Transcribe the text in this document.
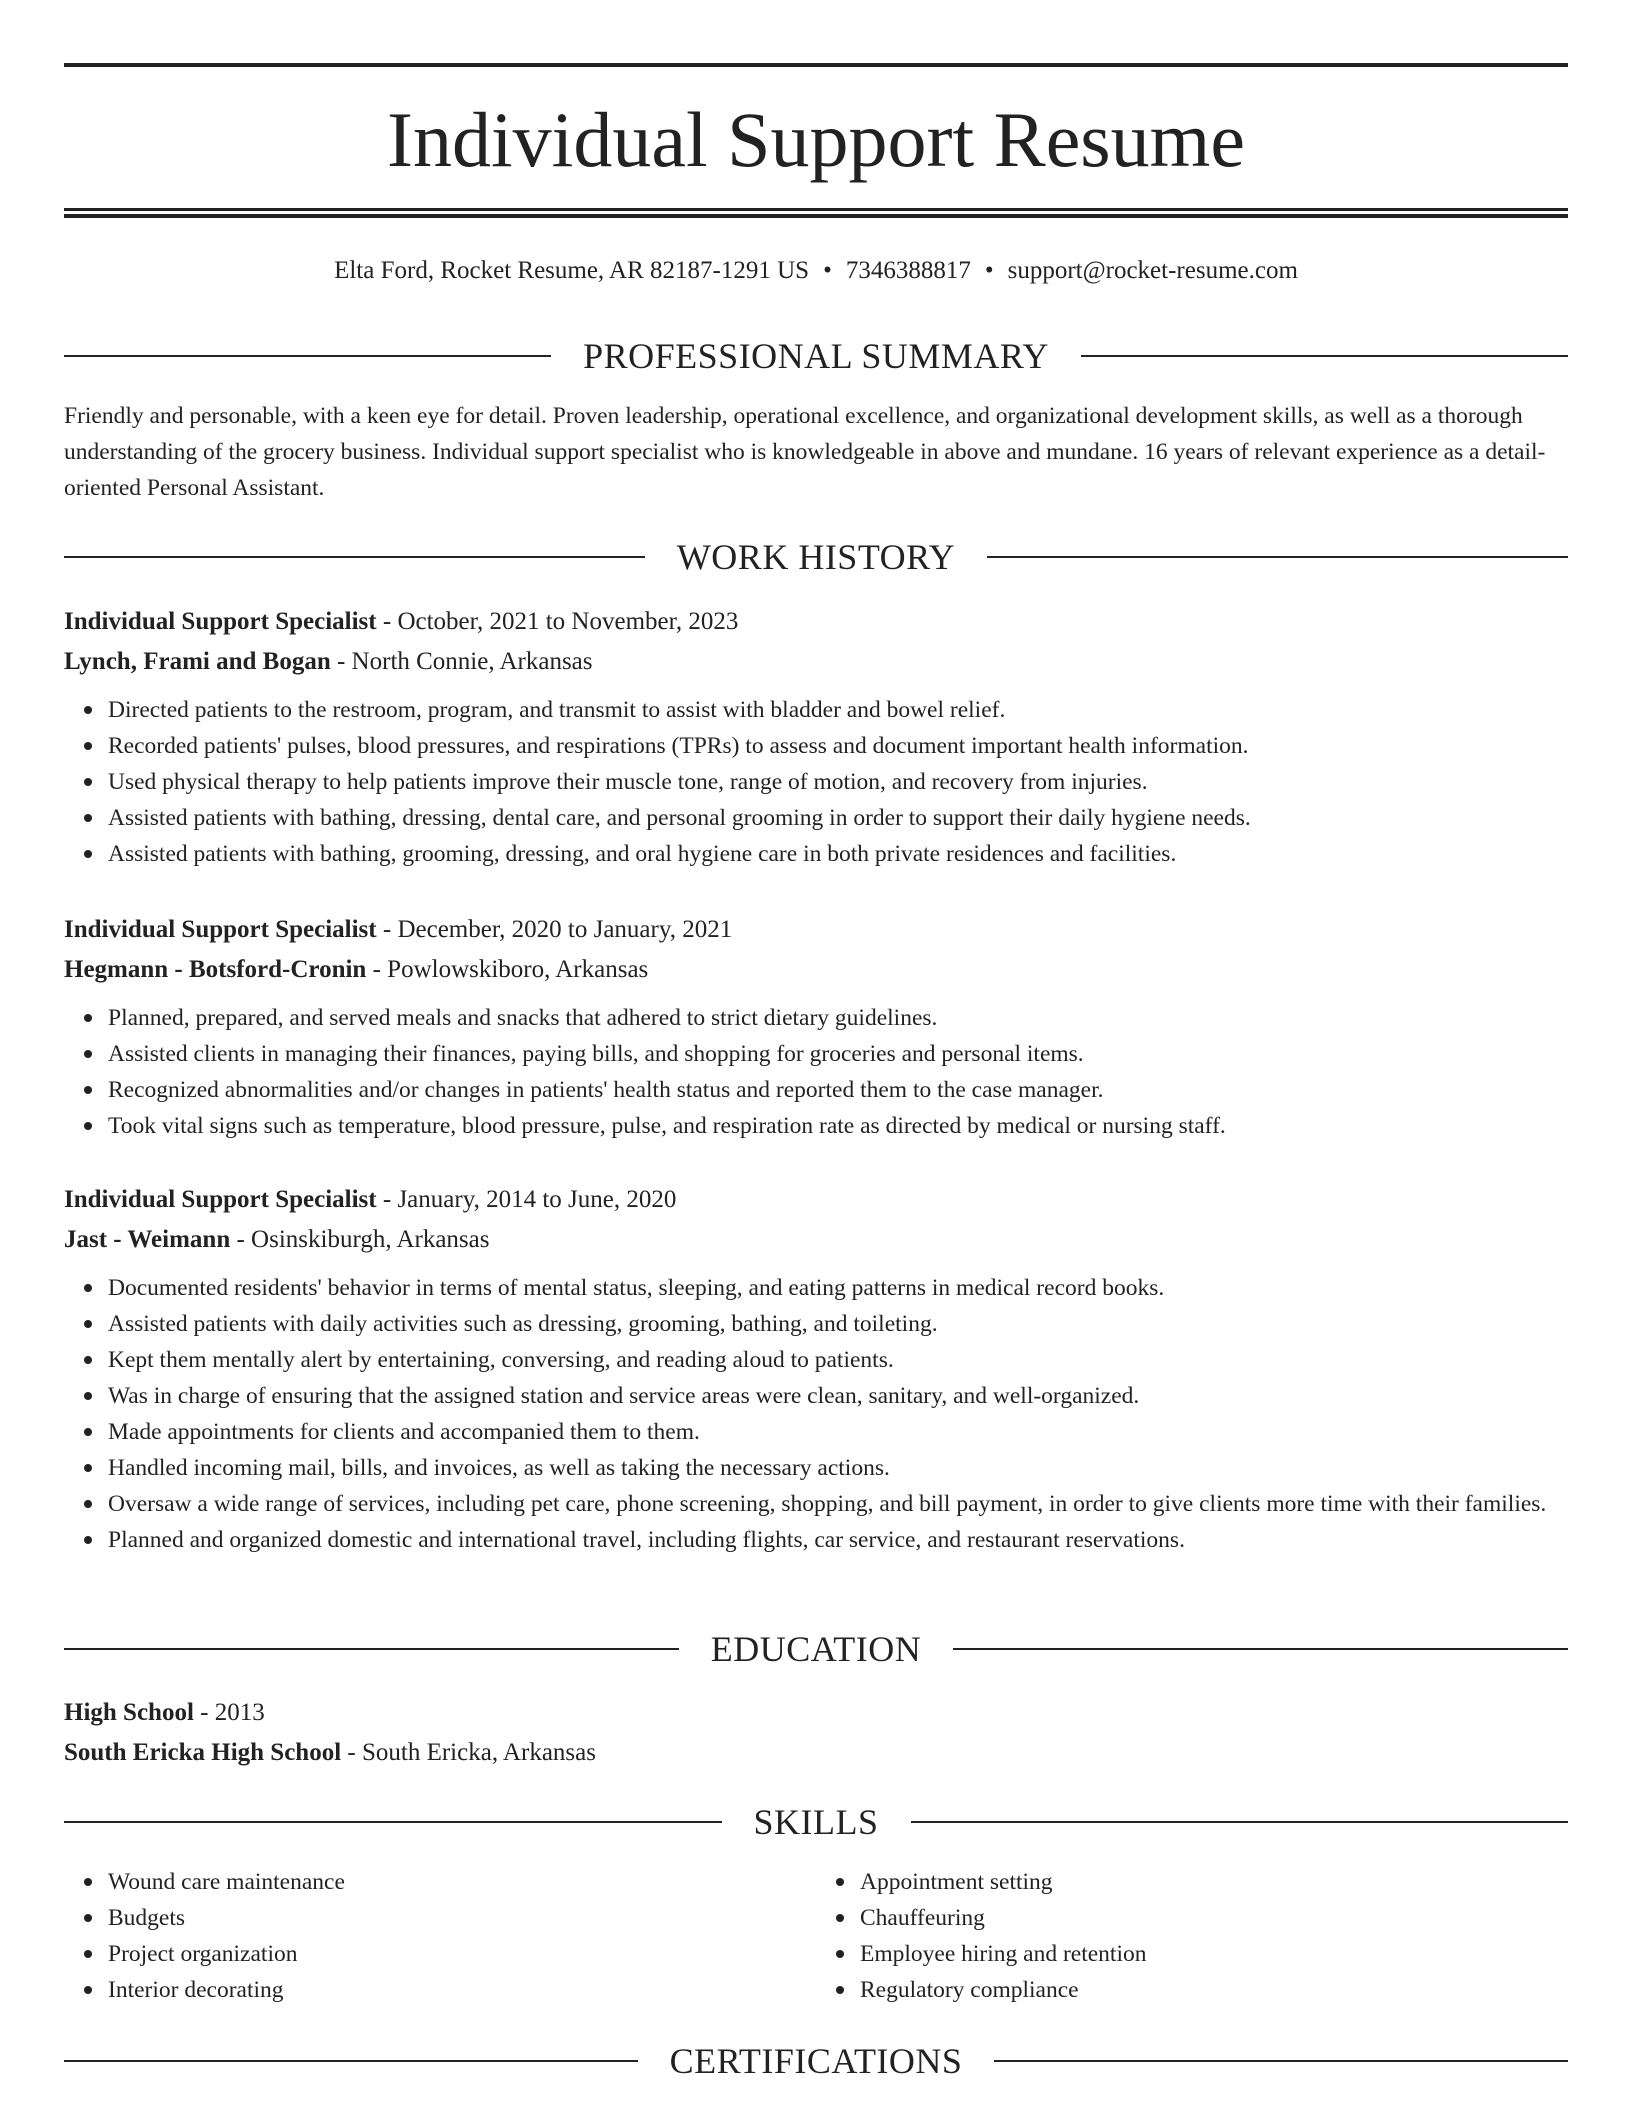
Individual Support Resume
Elta Ford, Rocket Resume, AR 82187-1291 US • 7346388817 • support@rocket-resume.com
PROFESSIONAL SUMMARY

Friendly and personable, with a keen eye for detail. Proven leadership, operational excellence, and organizational development skills, as well as a thorough understanding of the grocery business. Individual support specialist who is knowledgeable in above and mundane. 16 years of relevant experience as a detail-oriented Personal Assistant.

WORK HISTORY

Individual Support Specialist - October, 2021 to November, 2023

Lynch, Frami and Bogan - North Connie, Arkansas

Directed patients to the restroom, program, and transmit to assist with bladder and bowel relief.
Recorded patients' pulses, blood pressures, and respirations (TPRs) to assess and document important health information.
Used physical therapy to help patients improve their muscle tone, range of motion, and recovery from injuries.
Assisted patients with bathing, dressing, dental care, and personal grooming in order to support their daily hygiene needs.
Assisted patients with bathing, grooming, dressing, and oral hygiene care in both private residences and facilities.

Individual Support Specialist - December, 2020 to January, 2021

Hegmann - Botsford-Cronin - Powlowskiboro, Arkansas

Planned, prepared, and served meals and snacks that adhered to strict dietary guidelines.
Assisted clients in managing their finances, paying bills, and shopping for groceries and personal items.
Recognized abnormalities and/or changes in patients' health status and reported them to the case manager.
Took vital signs such as temperature, blood pressure, pulse, and respiration rate as directed by medical or nursing staff.

Individual Support Specialist - January, 2014 to June, 2020

Jast - Weimann - Osinskiburgh, Arkansas

Documented residents' behavior in terms of mental status, sleeping, and eating patterns in medical record books.
Assisted patients with daily activities such as dressing, grooming, bathing, and toileting.
Kept them mentally alert by entertaining, conversing, and reading aloud to patients.
Was in charge of ensuring that the assigned station and service areas were clean, sanitary, and well-organized.
Made appointments for clients and accompanied them to them.
Handled incoming mail, bills, and invoices, as well as taking the necessary actions.
Oversaw a wide range of services, including pet care, phone screening, shopping, and bill payment, in order to give clients more time with their families.
Planned and organized domestic and international travel, including flights, car service, and restaurant reservations.
EDUCATION

High School - 2013

South Ericka High School - South Ericka, Arkansas

SKILLS
Wound care maintenance
Budgets
Project organization
Interior decorating
Appointment setting
Chauffeuring
Employee hiring and retention
Regulatory compliance
CERTIFICATIONS
